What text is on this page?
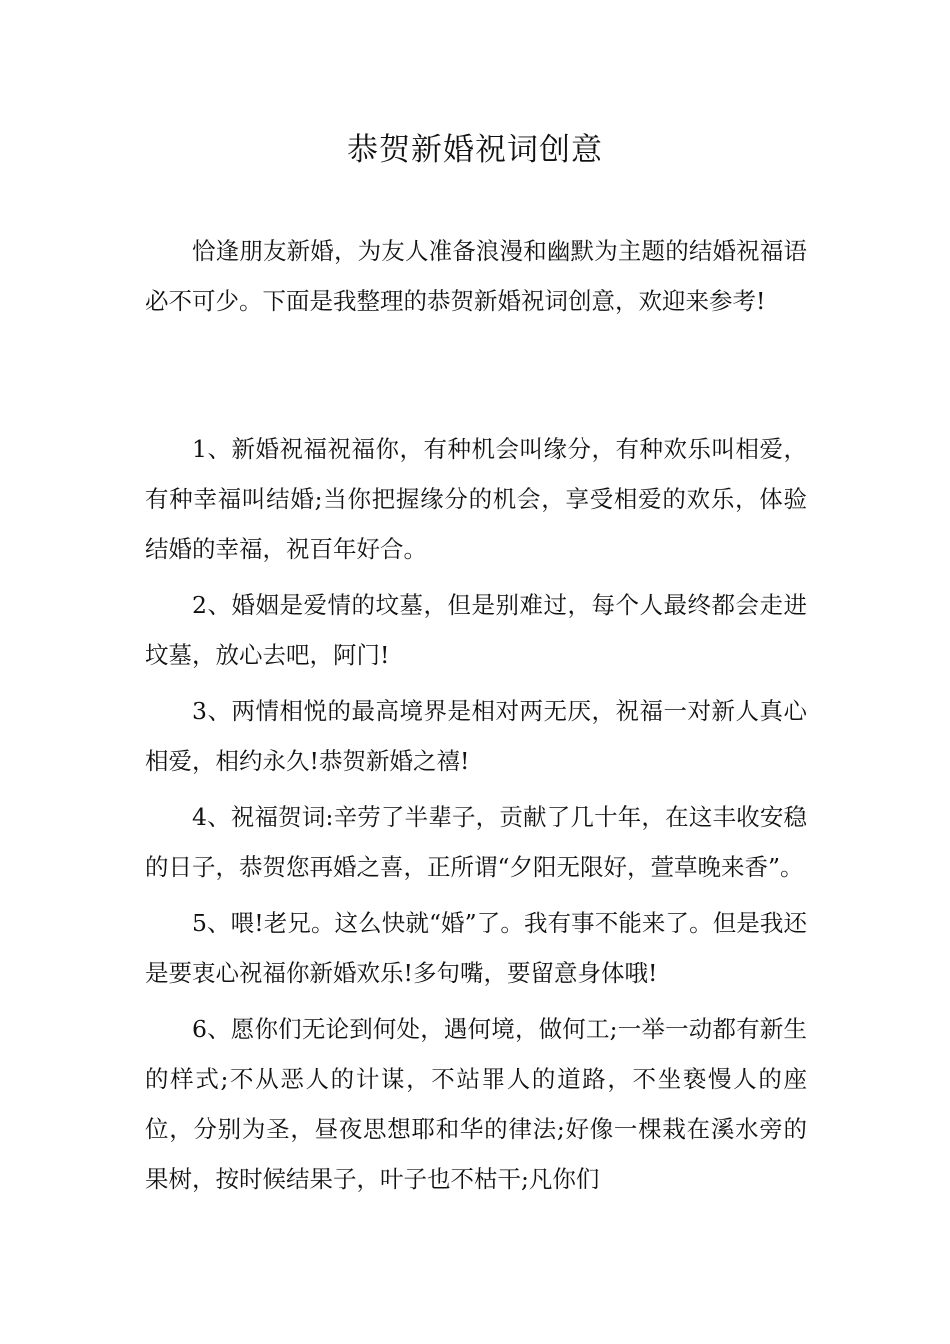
恭贺新婚祝词创意

恰逢朋友新婚，为友人准备浪漫和幽默为主题的结婚祝福语必不可少。下面是我整理的恭贺新婚祝词创意，欢迎来参考!

1、新婚祝福祝福你，有种机会叫缘分，有种欢乐叫相爱，有种幸福叫结婚;当你把握缘分的机会，享受相爱的欢乐，体验结婚的幸福，祝百年好合。

2、婚姻是爱情的坟墓，但是别难过，每个人最终都会走进坟墓，放心去吧，阿门!

3、两情相悦的最高境界是相对两无厌，祝福一对新人真心相爱，相约永久!恭贺新婚之禧!

4、祝福贺词:辛劳了半辈子，贡献了几十年，在这丰收安稳的日子，恭贺您再婚之喜，正所谓“夕阳无限好，萱草晚来香”。

5、喂!老兄。这么快就“婚”了。我有事不能来了。但是我还是要衷心祝福你新婚欢乐!多句嘴，要留意身体哦!

6、愿你们无论到何处，遇何境，做何工;一举一动都有新生的样式;不从恶人的计谋，不站罪人的道路，不坐亵慢人的座位，分别为圣，昼夜思想耶和华的律法;好像一棵栽在溪水旁的果树，按时候结果子，叶子也不枯干;凡你们
